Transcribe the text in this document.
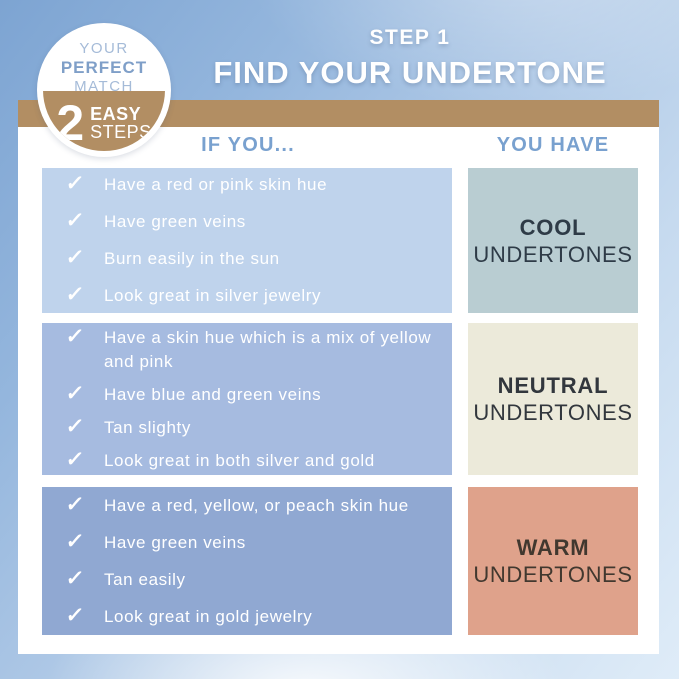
STEP 1
FIND YOUR UNDERTONE
YOUR
PERFECT
MATCH
2 EASY
STEPS
IF YOU...	YOU HAVE
✓	Have a red or pink skin hue
✓	Have green veins
✓	Burn easily in the sun
✓	Look great in silver jewelry
COOL
UNDERTONES
✓	Have a skin hue which is a mix of yellow and pink
✓	Have blue and green veins
✓	Tan slighty
✓	Look great in both silver and gold
NEUTRAL
UNDERTONES
✓	Have a red, yellow, or peach skin hue
✓	Have green veins
✓	Tan easily
✓	Look great in gold jewelry
WARM
UNDERTONES
